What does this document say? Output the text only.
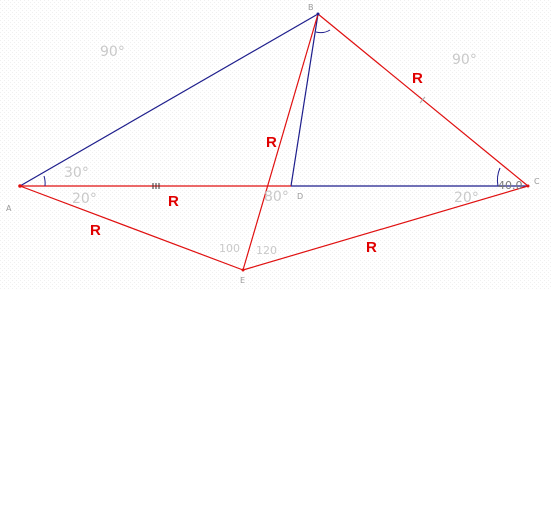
R
R
R
R
R
90°	90°
30°
20°	80°	20°
40.0
100 120
A
B
C
D
E
